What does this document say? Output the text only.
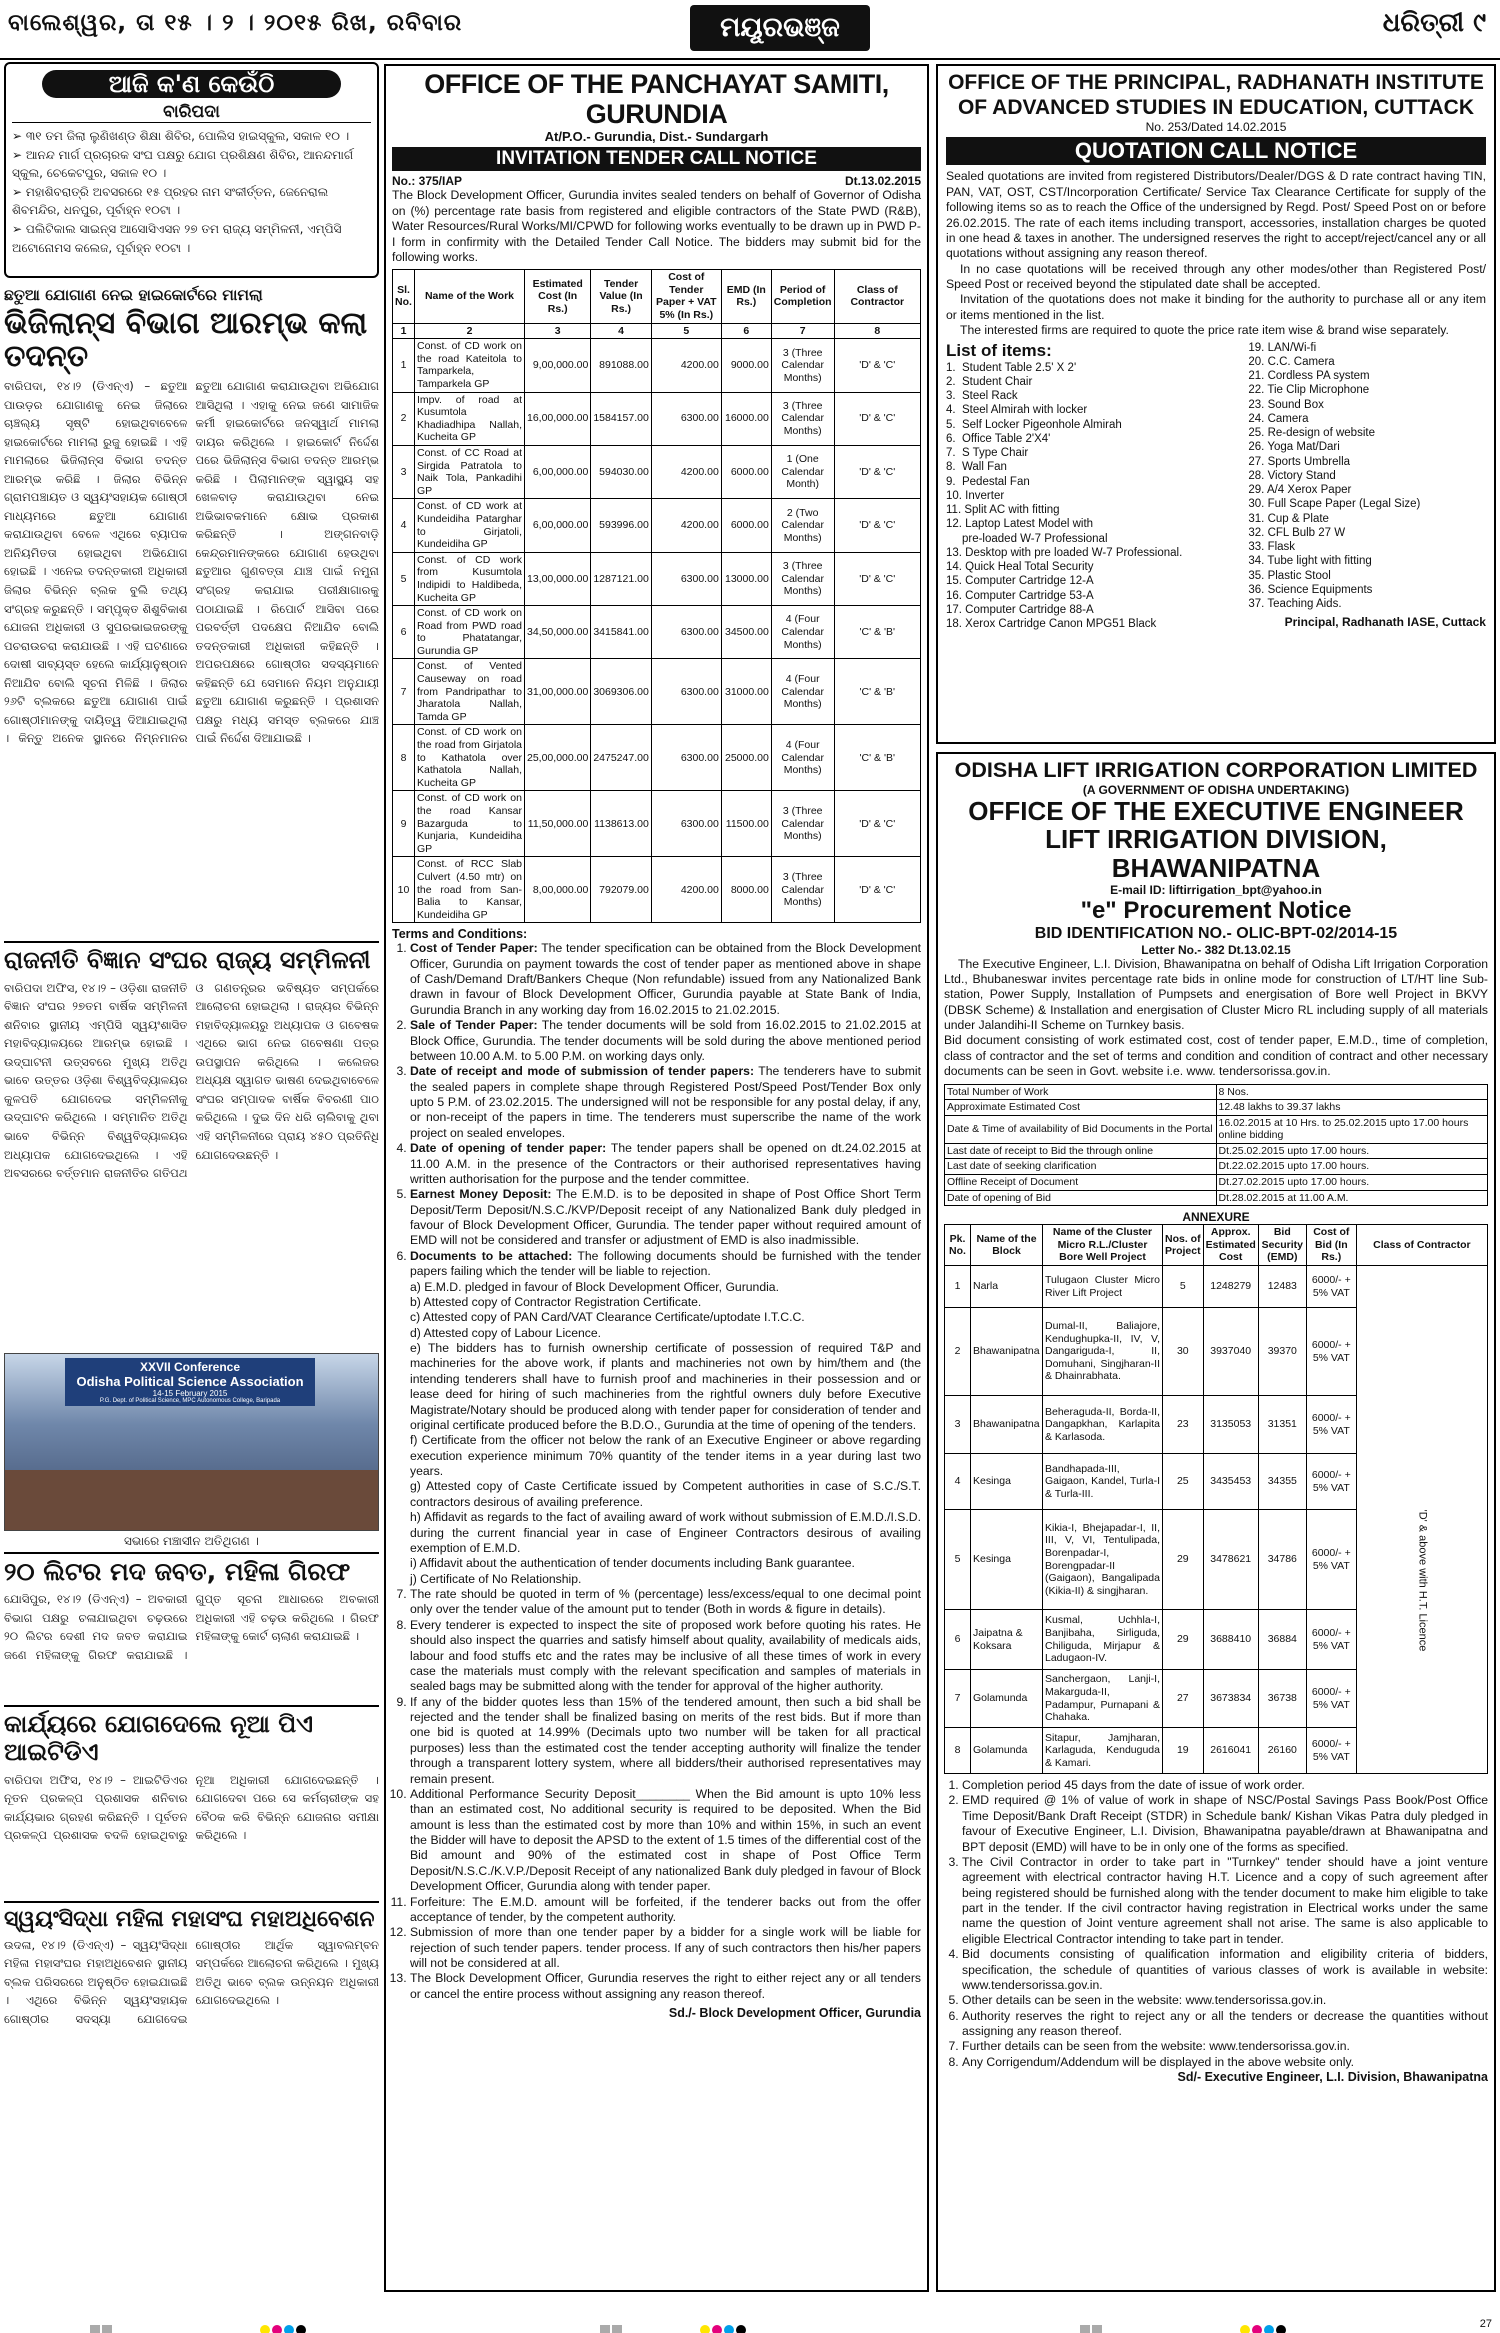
ବାଲେଶ୍ୱର, ତା ୧୫ । ୨ । ୨୦୧୫ ରିଖ, ରବିବାର	ମୟୂରଭଞ୍ଜ	ଧରିତ୍ରୀ ୯
ଆଜି କ'ଣ କେଉଁଠି
ବାରିପଦା
➢ ୩୧ ତମ ଜିଲା ଲୁଣିଖଣ୍ଡ ଶିକ୍ଷା ଶିବିର, ପୋଲିସ ହାଇସ୍କୁଲ, ସକାଳ ୧୦ ।
➢ ଆନନ୍ଦ ମାର୍ଗ ପ୍ରଚାରକ ସଂଘ ପକ୍ଷରୁ ଯୋଗ ପ୍ରଶିକ୍ଷଣ ଶିବିର, ଆନନ୍ଦମାର୍ଗ ସ୍କୁଲ, ଚେକେଟପୁର, ସକାଳ ୧୦ ।
➢ ମହାଶିବରାତ୍ରି ଅବସରରେ ୧୫ ପ୍ରହର ନାମ ସଂକୀର୍ତ୍ତନ, ଜେନେରାଲ ଶିବମନ୍ଦିର, ଧନପୁର, ପୂର୍ବାହ୍ନ ୧୦ଟା ।
➢ ପଲିଟିକାଲ ସାଇନ୍ସ ଆସୋସିଏସନ ୨୭ ତମ ରାଜ୍ୟ ସମ୍ମିଳନୀ, ଏମ୍‌ପିସି ଅଟୋନୋମସ କଲେଜ, ପୂର୍ବାହ୍ନ ୧୦ଟା ।
ଛତୁଆ ଯୋଗାଣ ନେଇ ହାଇକୋର୍ଟରେ ମାମଲା
ଭିଜିଲାନ୍ସ ବିଭାଗ ଆରମ୍ଭ କଲା ତଦନ୍ତ
ବାରିପଦା, ୧୪।୨ (ଡିଏନ୍‌ଏ) – ଛତୁଆ ପାଉଡ଼ର ଯୋଗାଣକୁ ନେଇ ଜିଲାରେ ଚାଞ୍ଚଲ୍ୟ ସୃଷ୍ଟି ହୋଇଥିବାବେଳେ ହାଇକୋର୍ଟରେ ମାମଲା ରୁଜୁ ହୋଇଛି । ଏହି ମାମଲାରେ ଭିଜିଲାନ୍ସ ବିଭାଗ ତଦନ୍ତ ଆରମ୍ଭ କରିଛି । ଜିଲାର ବିଭିନ୍ନ ଗ୍ରାମପଞ୍ଚାୟତ ଓ ସ୍ୱୟଂସହାୟକ ଗୋଷ୍ଠୀ ମାଧ୍ୟମରେ ଛତୁଆ ଯୋଗାଣ କରାଯାଉଥିବା ବେଳେ ଏଥିରେ ବ୍ୟାପକ ଅନିୟମିତତା ହୋଇଥିବା ଅଭିଯୋଗ ହୋଇଛି । ଏନେଇ ତଦନ୍ତକାରୀ ଅଧିକାରୀ ଜିଲାର ବିଭିନ୍ନ ବ୍ଲକ ବୁଲି ତଥ୍ୟ ସଂଗ୍ରହ କରୁଛନ୍ତି । ସମ୍ପୃକ୍ତ ଶିଶୁବିକାଶ ଯୋଜନା ଅଧିକାରୀ ଓ ସୁପରଭାଇଜରଙ୍କୁ ପଚରାଉଚରା କରାଯାଉଛି । ଏହି ଘଟଣାରେ ଦୋଷୀ ସାବ୍ୟସ୍ତ ହେଲେ କାର୍ଯ୍ୟାନୁଷ୍ଠାନ ନିଆଯିବ ବୋଲି ସୂଚନା ମିଳିଛି । ଜିଲାର ୨୬ଟି ବ୍ଲକରେ ଛତୁଆ ଯୋଗାଣ ପାଇଁ ଗୋଷ୍ଠୀମାନଙ୍କୁ ଦାୟିତ୍ୱ ଦିଆଯାଇଥିଲା । କିନ୍ତୁ ଅନେକ ସ୍ଥାନରେ ନିମ୍ନମାନର ଛତୁଆ ଯୋଗାଣ କରାଯାଉଥିବା ଅଭିଯୋଗ ଆସିଥିଲା । ଏହାକୁ ନେଇ ଜଣେ ସାମାଜିକ କର୍ମୀ ହାଇକୋର୍ଟରେ ଜନସ୍ୱାର୍ଥ ମାମଲା ଦାୟର କରିଥିଲେ । ହାଇକୋର୍ଟ ନିର୍ଦ୍ଦେଶ ପରେ ଭିଜିଲାନ୍ସ ବିଭାଗ ତଦନ୍ତ ଆରମ୍ଭ କରିଛି । ପିଲାମାନଙ୍କ ସ୍ୱାସ୍ଥ୍ୟ ସହ ଖେଳବାଡ଼ କରାଯାଉଥିବା ନେଇ ଅଭିଭାବକମାନେ କ୍ଷୋଭ ପ୍ରକାଶ କରିଛନ୍ତି । ଅଙ୍ଗନବାଡ଼ି କେନ୍ଦ୍ରମାନଙ୍କରେ ଯୋଗାଣ ହେଉଥିବା ଛତୁଆର ଗୁଣବତ୍ତା ଯାଞ୍ଚ ପାଇଁ ନମୁନା ସଂଗ୍ରହ କରାଯାଇ ପରୀକ୍ଷାଗାରକୁ ପଠାଯାଇଛି । ରିପୋର୍ଟ ଆସିବା ପରେ ପରବର୍ତ୍ତୀ ପଦକ୍ଷେପ ନିଆଯିବ ବୋଲି ତଦନ୍ତକାରୀ ଅଧିକାରୀ କହିଛନ୍ତି । ଅପରପକ୍ଷରେ ଗୋଷ୍ଠୀର ସଦସ୍ୟମାନେ କହିଛନ୍ତି ଯେ ସେମାନେ ନିୟମ ଅନୁଯାୟୀ ଛତୁଆ ଯୋଗାଣ କରୁଛନ୍ତି । ପ୍ରଶାସନ ପକ୍ଷରୁ ମଧ୍ୟ ସମସ୍ତ ବ୍ଲକରେ ଯାଞ୍ଚ ପାଇଁ ନିର୍ଦ୍ଦେଶ ଦିଆଯାଇଛି ।
ରାଜନୀତି ବିଜ୍ଞାନ ସଂଘର ରାଜ୍ୟ ସମ୍ମିଳନୀ
ବାରିପଦା ଅଫିସ, ୧୪।୨ – ଓଡ଼ିଶା ରାଜନୀତି ବିଜ୍ଞାନ ସଂଘର ୨୭ତମ ବାର୍ଷିକ ସମ୍ମିଳନୀ ଶନିବାର ସ୍ଥାନୀୟ ଏମ୍‌ପିସି ସ୍ୱୟଂଶାସିତ ମହାବିଦ୍ୟାଳୟରେ ଆରମ୍ଭ ହୋଇଛି । ଉଦ୍‌ଘାଟନୀ ଉତ୍ସବରେ ମୁଖ୍ୟ ଅତିଥି ଭାବେ ଉତ୍ତର ଓଡ଼ିଶା ବିଶ୍ୱବିଦ୍ୟାଳୟର କୁଳପତି ଯୋଗଦେଇ ସମ୍ମିଳନୀକୁ ଉଦ୍‌ଘାଟନ କରିଥିଲେ । ସମ୍ମାନିତ ଅତିଥି ଭାବେ ବିଭିନ୍ନ ବିଶ୍ୱବିଦ୍ୟାଳୟର ଅଧ୍ୟାପକ ଯୋଗଦେଇଥିଲେ । ଏହି ଅବସରରେ ବର୍ତ୍ତମାନ ରାଜନୀତିର ଗତିପଥ ଓ ଗଣତନ୍ତ୍ରର ଭବିଷ୍ୟତ ସମ୍ପର୍କରେ ଆଲୋଚନା ହୋଇଥିଲା । ରାଜ୍ୟର ବିଭିନ୍ନ ମହାବିଦ୍ୟାଳୟରୁ ଅଧ୍ୟାପକ ଓ ଗବେଷକ ଏଥିରେ ଭାଗ ନେଇ ଗବେଷଣା ପତ୍ର ଉପସ୍ଥାପନ କରିଥିଲେ । କଲେଜର ଅଧ୍ୟକ୍ଷ ସ୍ୱାଗତ ଭାଷଣ ଦେଇଥିବାବେଳେ ସଂଘର ସମ୍ପାଦକ ବାର୍ଷିକ ବିବରଣୀ ପାଠ କରିଥିଲେ । ଦୁଇ ଦିନ ଧରି ଚାଲିବାକୁ ଥିବା ଏହି ସମ୍ମିଳନୀରେ ପ୍ରାୟ ୪୫୦ ପ୍ରତିନିଧି ଯୋଗଦେଉଛନ୍ତି ।
XXVII Conference
Odisha Political Science Association
14-15 February 2015
P.G. Dept. of Political Science, MPC Autonomous College, Baripada
ସଭାରେ ମଞ୍ଚାସୀନ ଅତିଥିଗଣ ।
୨୦ ଲିଟର ମଦ ଜବତ, ମହିଳା ଗିରଫ
ଯୋସିପୁର, ୧୪।୨ (ଡିଏନ୍‌ଏ) – ଅବକାରୀ ବିଭାଗ ପକ୍ଷରୁ ଚଳାଯାଇଥିବା ଚଢ଼ଉରେ ୨୦ ଲିଟର ଦେଶୀ ମଦ ଜବତ କରାଯାଇ ଜଣେ ମହିଳାଙ୍କୁ ଗିରଫ କରାଯାଇଛି । ଗୁପ୍ତ ସୂଚନା ଆଧାରରେ ଅବକାରୀ ଅଧିକାରୀ ଏହି ଚଢ଼ଉ କରିଥିଲେ । ଗିରଫ ମହିଳାଙ୍କୁ କୋର୍ଟ ଚାଲାଣ କରାଯାଇଛି ।
କାର୍ଯ୍ୟରେ ଯୋଗଦେଲେ ନୂଆ ପିଏ ଆଇଟିଡିଏ
ବାରିପଦା ଅଫିସ, ୧୪।୨ – ଆଇଟିଡିଏର ନୂତନ ପ୍ରକଳ୍ପ ପ୍ରଶାସକ ଶନିବାର କାର୍ଯ୍ୟଭାର ଗ୍ରହଣ କରିଛନ୍ତି । ପୂର୍ବତନ ପ୍ରକଳ୍ପ ପ୍ରଶାସକ ବଦଳି ହୋଇଥିବାରୁ ନୂଆ ଅଧିକାରୀ ଯୋଗଦେଇଛନ୍ତି । ଯୋଗଦେବା ପରେ ସେ କର୍ମଚାରୀଙ୍କ ସହ ବୈଠକ କରି ବିଭିନ୍ନ ଯୋଜନାର ସମୀକ୍ଷା କରିଥିଲେ ।
ସ୍ୱୟଂସିଦ୍ଧା ମହିଳା ମହାସଂଘ ମହାଅଧିବେଶନ
ଉଦଳା, ୧୪।୨ (ଡିଏନ୍‌ଏ) – ସ୍ୱୟଂସିଦ୍ଧା ମହିଳା ମହାସଂଘର ମହାଅଧିବେଶନ ସ୍ଥାନୀୟ ବ୍ଲକ ପରିସରରେ ଅନୁଷ୍ଠିତ ହୋଇଯାଇଛି । ଏଥିରେ ବିଭିନ୍ନ ସ୍ୱୟଂସହାୟକ ଗୋଷ୍ଠୀର ସଦସ୍ୟା ଯୋଗଦେଇ ଗୋଷ୍ଠୀର ଆର୍ଥିକ ସ୍ୱାବଲମ୍ବନ ସମ୍ପର୍କରେ ଆଲୋଚନା କରିଥିଲେ । ମୁଖ୍ୟ ଅତିଥି ଭାବେ ବ୍ଲକ ଉନ୍ନୟନ ଅଧିକାରୀ ଯୋଗଦେଇଥିଲେ ।
OFFICE OF THE PANCHAYAT SAMITI, GURUNDIA
At/P.O.- Gurundia, Dist.- Sundargarh
INVITATION TENDER CALL NOTICE
No.: 375/IAP	Dt.13.02.2015
The Block Development Officer, Gurundia invites sealed tenders on behalf of Governor of Odisha on (%) percentage rate basis from registered and eligible contractors of the State PWD (R&B), Water Resources/Rural Works/MI/CPWD for following works eventually to be drawn up in PWD P-I form in confirmity with the Detailed Tender Call Notice. The bidders may submit bid for the following works.
Sl. No.	Name of the Work	Estimated Cost (In Rs.)	Tender Value (In Rs.)	Cost of Tender Paper + VAT 5% (In Rs.)	EMD (In Rs.)	Period of Completion	Class of Contractor
1	2	3	4	5	6	7	8
1	Const. of CD work on the road Kateitola to Tamparkela, Tamparkela GP	9,00,000.00	891088.00	4200.00	9000.00	3 (Three Calendar Months)	'D' & 'C'
2	Impv. of road at Kusumtola Khadiadhipa Nallah, Kucheita GP	16,00,000.00	1584157.00	6300.00	16000.00	3 (Three Calendar Months)	'D' & 'C'
3	Const. of CC Road at Sirgida Patratola to Naik Tola, Pankadihi GP	6,00,000.00	594030.00	4200.00	6000.00	1 (One Calendar Month)	'D' & 'C'
4	Const. of CD work at Kundeidiha Patarghar to Girjatoli, Kundeidiha GP	6,00,000.00	593996.00	4200.00	6000.00	2 (Two Calendar Months)	'D' & 'C'
5	Const. of CD work from Kusumtola Indipidi to Haldibeda, Kucheita GP	13,00,000.00	1287121.00	6300.00	13000.00	3 (Three Calendar Months)	'D' & 'C'
6	Const. of CD work on Road from PWD road to Phatatangar, Gurundia GP	34,50,000.00	3415841.00	6300.00	34500.00	4 (Four Calendar Months)	'C' & 'B'
7	Const. of Vented Causeway on road from Pandripathar to Jharatola Nallah, Tamda GP	31,00,000.00	3069306.00	6300.00	31000.00	4 (Four Calendar Months)	'C' & 'B'
8	Const. of CD work on the road from Girjatola to Kathatola over Kathatola Nallah, Kucheita GP	25,00,000.00	2475247.00	6300.00	25000.00	4 (Four Calendar Months)	'C' & 'B'
9	Const. of CD work on the road Kansar Bazarguda to Kunjaria, Kundeidiha GP	11,50,000.00	1138613.00	6300.00	11500.00	3 (Three Calendar Months)	'D' & 'C'
10	Const. of RCC Slab Culvert (4.50 mtr) on the road from San-Balia to Kansar, Kundeidiha GP	8,00,000.00	792079.00	4200.00	8000.00	3 (Three Calendar Months)	'D' & 'C'
Terms and Conditions:
1. Cost of Tender Paper: The tender specification can be obtained from the Block Development Officer, Gurundia on payment towards the cost of tender paper as mentioned above in shape of Cash/Demand Draft/Bankers Cheque (Non refundable) issued from any Nationalized Bank drawn in favour of Block Development Officer, Gurundia payable at State Bank of India, Gurundia Branch in any working day from 16.02.2015 to 21.02.2015.
2. Sale of Tender Paper: The tender documents will be sold from 16.02.2015 to 21.02.2015 at Block Office, Gurundia. The tender documents will be sold during the above mentioned period between 10.00 A.M. to 5.00 P.M. on working days only.
3. Date of receipt and mode of submission of tender papers: The tenderers have to submit the sealed papers in complete shape through Registered Post/Speed Post/Tender Box only upto 5 P.M. of 23.02.2015. The undersigned will not be responsible for any postal delay, if any, or non-receipt of the papers in time. The tenderers must superscribe the name of the work project on sealed envelopes.
4. Date of opening of tender paper: The tender papers shall be opened on dt.24.02.2015 at 11.00 A.M. in the presence of the Contractors or their authorised representatives having written authorisation for the purpose and the tender committee.
5. Earnest Money Deposit: The E.M.D. is to be deposited in shape of Post Office Short Term Deposit/Term Deposit/N.S.C./KVP/Deposit receipt of any Nationalized Bank duly pledged in favour of Block Development Officer, Gurundia. The tender paper without required amount of EMD will not be considered and transfer or adjustment of EMD is also inadmissible.
6. Documents to be attached: The following documents should be furnished with the tender papers failing which the tender will be liable to rejection.
a) E.M.D. pledged in favour of Block Development Officer, Gurundia.
b) Attested copy of Contractor Registration Certificate.
c) Attested copy of PAN Card/VAT Clearance Certificate/uptodate I.T.C.C.
d) Attested copy of Labour Licence.
e) The bidders has to furnish ownership certificate of possession of required T&P and machineries for the above work, if plants and machineries not own by him/them and (the intending tenderers shall have to furnish proof and machineries in their possession and or lease deed for hiring of such machineries from the rightful owners duly before Executive Magistrate/Notary should be produced along with tender paper for consideration of tender and original certificate produced before the B.D.O., Gurundia at the time of opening of the tenders.
f) Certificate from the officer not below the rank of an Executive Engineer or above regarding execution experience minimum 70% quantity of the tender items in a year during last two years.
g) Attested copy of Caste Certificate issued by Competent authorities in case of S.C./S.T. contractors desirous of availing preference.
h) Affidavit as regards to the fact of availing award of work without submission of E.M.D./I.S.D. during the current financial year in case of Engineer Contractors desirous of availing exemption of E.M.D.
i) Affidavit about the authentication of tender documents including Bank guarantee.
j) Certificate of No Relationship.
7. The rate should be quoted in term of % (percentage) less/excess/equal to one decimal point only over the tender value of the amount put to tender (Both in words & figure in details).
8. Every tenderer is expected to inspect the site of proposed work before quoting his rates. He should also inspect the quarries and satisfy himself about quality, availability of medicals aids, labour and food stuffs etc and the rates may be inclusive of all these times of work in every case the materials must comply with the relevant specification and samples of materials in sealed bags may be submitted along with the tender for approval of the higher authority.
9. If any of the bidder quotes less than 15% of the tendered amount, then such a bid shall be rejected and the tender shall be finalized basing on merits of the rest bids. But if more than one bid is quoted at 14.99% (Decimals upto two number will be taken for all practical purposes) less than the estimated cost the tender accepting authority will finalize the tender through a transparent lottery system, where all bidders/their authorised representatives may remain present.
10. Additional Performance Security Deposit________ When the Bid amount is upto 10% less than an estimated cost, No additional security is required to be deposited. When the Bid amount is less than the estimated cost by more than 10% and within 15%, in such an event the Bidder will have to deposit the APSD to the extent of 1.5 times of the differential cost of the Bid amount and 90% of the estimated cost in shape of Post Office Term Deposit/N.S.C./K.V.P./Deposit Receipt of any nationalized Bank duly pledged in favour of Block Development Officer, Gurundia along with tender paper.
11. Forfeiture: The E.M.D. amount will be forfeited, if the tenderer backs out from the offer acceptance of tender, by the competent authority.
12. Submission of more than one tender paper by a bidder for a single work will be liable for rejection of such tender papers. tender process. If any of such contractors then his/her papers will not be considered at all.
13. The Block Development Officer, Gurundia reserves the right to either reject any or all tenders or cancel the entire process without assigning any reason thereof.
Sd./- Block Development Officer, Gurundia
OFFICE OF THE PRINCIPAL, RADHANATH INSTITUTE
OF ADVANCED STUDIES IN EDUCATION, CUTTACK
No. 253/Dated 14.02.2015
QUOTATION CALL NOTICE
Sealed quotations are invited from registered Distributors/Dealer/DGS & D rate contract having TIN, PAN, VAT, OST, CST/Incorporation Certificate/ Service Tax Clearance Certificate for supply of the following items so as to reach the Office of the undersigned by Regd. Post/ Speed Post on or before 26.02.2015. The rate of each items including transport, accessories, installation charges be quoted in one head & taxes in another. The undersigned reserves the right to accept/reject/cancel any or all quotations without assigning any reason thereof.
In no case quotations will be received through any other modes/other than Registered Post/ Speed Post or received beyond the stipulated date shall be accepted.
Invitation of the quotations does not make it binding for the authority to purchase all or any item or items mentioned in the list.
The interested firms are required to quote the price rate item wise & brand wise separately.
List of items:
1.  Student Table 2.5' X 2'
2.  Student Chair
3.  Steel Rack
4.  Steel Almirah with locker
5.  Self Locker Pigeonhole Almirah
6.  Office Table 2'X4'
7.  S Type Chair
8.  Wall Fan
9.  Pedestal Fan
10. Inverter
11. Split AC with fitting
12. Laptop Latest Model with
pre-loaded W-7 Professional
13. Desktop with pre loaded W-7 Professional.
14. Quick Heal Total Security
15. Computer Cartridge 12-A
16. Computer Cartridge 53-A
17. Computer Cartridge 88-A
18. Xerox Cartridge Canon MPG51 Black
19. LAN/Wi-fi
20. C.C. Camera
21. Cordless PA system
22. Tie Clip Microphone
23. Sound Box
24. Camera
25. Re-design of website
26. Yoga Mat/Dari
27. Sports Umbrella
28. Victory Stand
29. A/4 Xerox Paper
30. Full Scape Paper (Legal Size)
31. Cup & Plate
32. CFL Bulb 27 W
33. Flask
34. Tube light with fitting
35. Plastic Stool
36. Science Equipments
37. Teaching Aids.
Principal, Radhanath IASE, Cuttack
ODISHA LIFT IRRIGATION CORPORATION LIMITED
(A GOVERNMENT OF ODISHA UNDERTAKING)
OFFICE OF THE EXECUTIVE ENGINEER
LIFT IRRIGATION DIVISION, BHAWANIPATNA
E-mail ID: liftirrigation_bpt@yahoo.in
"e" Procurement Notice
BID IDENTIFICATION NO.- OLIC-BPT-02/2014-15
Letter No.- 382 Dt.13.02.15
The Executive Engineer, L.I. Division, Bhawanipatna on behalf of Odisha Lift Irrigation Corporation Ltd., Bhubaneswar invites percentage rate bids in online mode for construction of LT/HT line Sub-station, Power Supply, Installation of Pumpsets and energisation of Bore well Project in BKVY (DBSK Scheme) & Installation and energisation of Cluster Micro RL including supply of all materials under Jalandihi-II Scheme on Turnkey basis.
Bid document consisting of work estimated cost, cost of tender paper, E.M.D., time of completion, class of contractor and the set of terms and condition and condition of contract and other necessary documents can be seen in Govt. website i.e. www. tendersorissa.gov.in.
Total Number of Work	8 Nos.
Approximate Estimated Cost	12.48 lakhs to 39.37 lakhs
Date & Time of availability of Bid Documents in the Portal	16.02.2015 at 10 Hrs. to 25.02.2015 upto 17.00 hours online bidding
Last date of receipt to Bid the through online	Dt.25.02.2015 upto 17.00 hours.
Last date of seeking clarification	Dt.22.02.2015 upto 17.00 hours.
Offline Receipt of Document	Dt.27.02.2015 upto 17.00 hours.
Date of opening of Bid	Dt.28.02.2015 at 11.00 A.M.
ANNEXURE
Pk. No.	Name of the Block	Name of the Cluster Micro R.L./Cluster Bore Well Project	Nos. of Project	Approx. Estimated Cost	Bid Security (EMD)	Cost of Bid (In Rs.)	Class of Contractor
1	Narla	Tulugaon Cluster Micro River Lift Project	5	1248279	12483	6000/- + 5% VAT	'D' & above with H.T. Licence

2	Bhawanipatna	Dumal-II, Baliajore, Kendughupka-II, IV, V, Dangariguda-I, II, Domuhani, Singjharan-II & Dhainrabhata.	30	3937040	39370	6000/- + 5% VAT	
3	Bhawanipatna	Beheraguda-II, Borda-II, Dangapkhan, Karlapita & Karlasoda.	23	3135053	31351	6000/- + 5% VAT	
4	Kesinga	Bandhapada-III, Gaigaon, Kandel, Turla-I & Turla-III.	25	3435453	34355	6000/- + 5% VAT	
5	Kesinga	Kikia-I, Bhejapadar-I, II, III, V, VI, Tentulipada, Borenpadar-I, Borengpadar-II (Gaigaon), Bangalipada (Kikia-II) & singjharan.	29	3478621	34786	6000/- + 5% VAT	
6	Jaipatna & Koksara	Kusmal, Uchhla-I, Banjibaha, Sirliguda, Chiliguda, Mirjapur & Ladugaon-IV.	29	3688410	36884	6000/- + 5% VAT	
7	Golamunda	Sanchergaon, Lanji-I, Makarguda-II, Padampur, Purnapani & Chahaka.	27	3673834	36738	6000/- + 5% VAT	
8	Golamunda	Sitapur, Jamjharan, Karlaguda, Kenduguda & Kamari.	19	2616041	26160	6000/- + 5% VAT	
1. Completion period 45 days from the date of issue of work order.
2. EMD required @ 1% of value of work in shape of NSC/Postal Savings Pass Book/Post Office Time Deposit/Bank Draft Receipt (STDR) in Schedule bank/ Kishan Vikas Patra duly pledged in favour of Executive Engineer, L.I. Division, Bhawanipatna payable/drawn at Bhawanipatna and BPT deposit (EMD) will have to be in only one of the forms as specified.
3. The Civil Contractor in order to take part in "Turnkey" tender should have a joint venture agreement with electrical contractor having H.T. Licence and a copy of such agreement after being registered should be furnished along with the tender document to make him eligible to take part in the tender. If the civil contractor having registration in Electrical works under the same name the question of Joint venture agreement shall not arise. The same is also applicable to eligible Electrical Contractor intending to take part in tender.
4. Bid documents consisting of qualification information and eligibility criteria of bidders, specification, the schedule of quantities of various classes of work is available in website: www.tendersorissa.gov.in.
5. Other details can be seen in the website: www.tendersorissa.gov.in.
6. Authority reserves the right to reject any or all the tenders or decrease the quantities without assigning any reason thereof.
7. Further details can be seen from the website: www.tendersorissa.gov.in.
8. Any Corrigendum/Addendum will be displayed in the above website only.
Sd/- Executive Engineer, L.I. Division, Bhawanipatna
27
